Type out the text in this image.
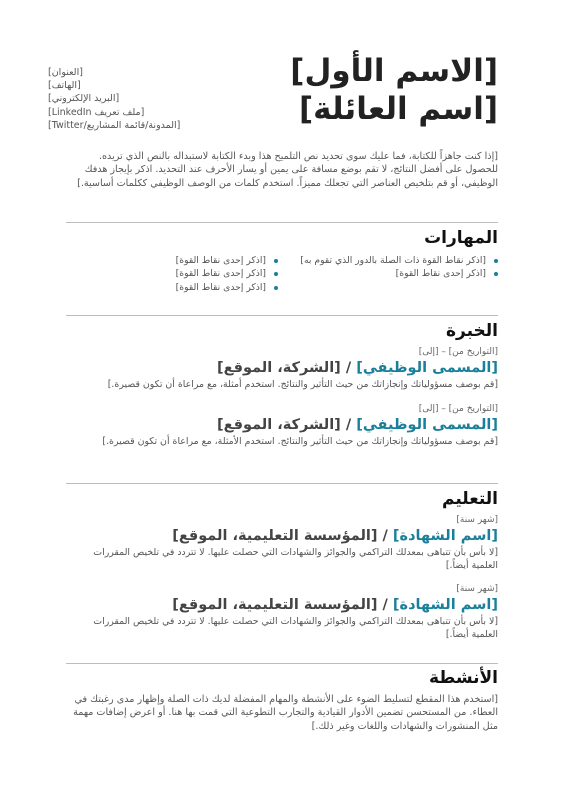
[الاسم الأول]
[اسم العائلة]
[العنوان]
[الهاتف]
[البريد الإلكتروني]
[ملف تعريف LinkedIn]
[المدونة/قائمة المشاريع/Twitter]
[إذا كنت جاهزاً للكتابة، فما عليك سوى تحديد نص التلميح هذا وبدء الكتابة لاستبداله بالنص الذي تريده. للحصول على أفضل النتائج، لا تقم بوضع مسافة على يمين أو يسار الأحرف عند التحديد. اذكر بإيجاز هدفك الوظيفي، أو قم بتلخيص العناصر التي تجعلك مميزاً. استخدم كلمات من الوصف الوظيفي ككلمات أساسية.]
المهارات
[اذكر نقاط القوة ذات الصلة بالدور الذي تقوم به]
[اذكر إحدى نقاط القوة]
[اذكر إحدى نقاط القوة]
[اذكر إحدى نقاط القوة]
[اذكر إحدى نقاط القوة]
الخبرة
[التواريخ من] – [إلى]
[المسمى الوظيفي] / [الشركة، الموقع]
[قم بوصف مسؤولياتك وإنجازاتك من حيث التأثير والنتائج. استخدم أمثلة، مع مراعاة أن تكون قصيرة.]
[التواريخ من] – [إلى]
[المسمى الوظيفي] / [الشركة، الموقع]
[قم بوصف مسؤولياتك وإنجازاتك من حيث التأثير والنتائج. استخدم الأمثلة، مع مراعاة أن تكون قصيرة.]
التعليم
[شهر سنة]
[اسم الشهادة] / [المؤسسة التعليمية، الموقع]
[لا بأس بأن تتباهى بمعدلك التراكمي والجوائز والشهادات التي حصلت عليها. لا تتردد في تلخيص المقررات العلمية أيضاً.]
[شهر سنة]
[اسم الشهادة] / [المؤسسة التعليمية، الموقع]
[لا بأس بأن تتباهى بمعدلك التراكمي والجوائز والشهادات التي حصلت عليها. لا تتردد في تلخيص المقررات العلمية أيضاً.]
الأنشطة
[استخدم هذا المقطع لتسليط الضوء على الأنشطة والمهام المفضلة لديك ذات الصلة وإظهار مدى رغبتك في العطاء. من المستحسن تضمين الأدوار القيادية والتجارب التطوعية التي قمت بها هنا. أو اعرض إضافات مهمة مثل المنشورات والشهادات واللغات وغير ذلك.]
